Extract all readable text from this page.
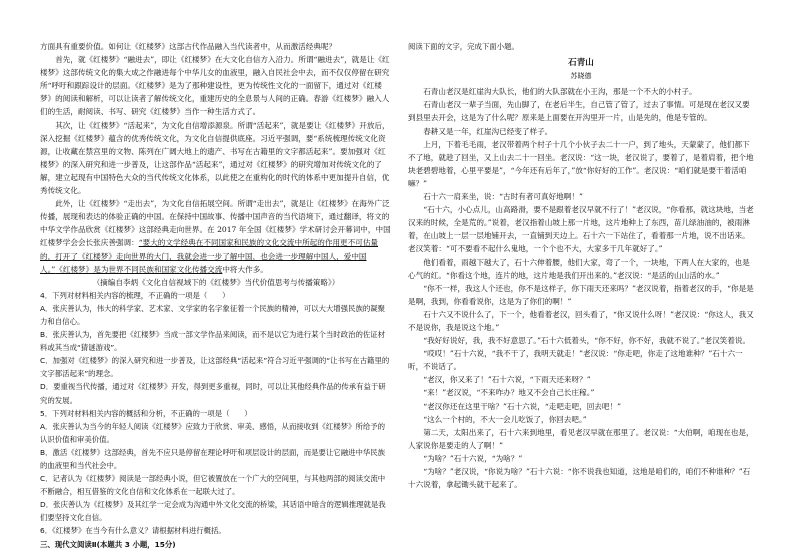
方面具有重要价值。如何让《红楼梦》这部古代作品融入当代读者中，从而激活经典呢？

首先，就《红楼梦》“融进去”，即让《红楼梦》在大文化自信方入沿力。所谓“融进去”，就是让《红楼梦》这部传统文化的集大成之作融进每个中华儿女的血液里，融入自民社会中去，而不仅仅停留在研究所“呼吁和跟踪设计的层面。《红楼梦》是为了那种建设性，更为传统性文化的一面留下，通过对《红楼梦》的阅读和解析，可以让读者了解传统文化，重建历史的全息景与人间的正确。春游《红楼梦》融入人们的生活，耐阅读、书写、研究《红楼梦》当作一种生活方式了。

其次，让《红楼梦》“活起来”，为文化自信增添源泉。所谓“活起来”，就是要让《红楼梦》开放后，深入挖掘《红楼梦》蕴含的优秀传统文化，为文化自信提供底座。习近平强调，要“系统梳理传统文化资源，让收藏在禁宫里的文物、陈列在广阔大地上的遗产、书写在古籍里的文字都活起来”。要加强对《红楼梦》的深入研究和进一步普及，让这部作品“活起来”，通过对《红楼梦》的研究增加对传统文化的了解，建立起现有中国特色大众的当代传统文化体系，以此使之在重构化的时代的体系中更加提升自信，优秀传统文化。

此外，让《红楼梦》“走出去”，为文化自信拓展空间。所谓“走出去”，就是让《红楼梦》在海外广泛传播，展现和表达的体验正确的中国。在保持中国故事、传播中国声音的当代语境下，通过翻译，将文的中华文学作品欣赏《红楼梦》这部经典走向世界。在 2017 年全国《红楼梦》学术研讨会开幕词中，中国红楼梦学会会长张庆善强调：“要大的文学经典在不同国家和民族的文化交流中所起的作用更不可估量的，打开了《红楼梦》走向世界的大门，我就会进一步了解中国，也会进一步理解中国人，爱中国人。”《红楼梦》是为世界不同民族和国家文化传播交流中将大作多。

（摘编自李炳《文化自信视域下的《红楼梦》当代价值思考与传播策略》）

4．下列对材料相关内容的梳理，不正确的一项是（　　）

A．张庆善认为，伟大的科学家、艺术家、文学家的名字象征着一个民族的精神，可以大大增强民族的凝聚力和自信心。

B．张庆善认为，首先要把《红楼梦》当成一部文学作品来阅读，而不是以它为进行某个当时政治的佐证材料或其当成“猜谜游戏”。

C．加强对《红楼梦》的深入研究和进一步普及，让这部经典“活起来”符合习近平强调的“让书写在古籍里的文字都活起来”的理念。

D．要重视当代传播，通过对《红楼梦》开发，得到更多重视，同时，可以让其他经典作品的传承有益于研究的发展。

5．下列对材料相关内容的概括和分析，不正确的一项是（　　）

A．张庆善认为当今的年轻人阅读《红楼梦》应致力于欣赏、审美、感悟，从而接收到《红楼梦》所给予的认识价值和审美价值。

B．激活《红楼梦》这部经典，首先不应只是停留在理论呼吁和项层设计的层面，而是要让它融进中华民族的血液里和当代社会中。

C．记者认为《红楼梦》阅读是一部经典小说，但它被置放在一个广大的空间里，与其他两部的阅读交流中不断融合，相互借鉴的文化自信和文化体系在一起联大过了。

D．张庆善认为《红楼梦》及其红学一定会成为沟通中外文化交流的桥梁，其话语中暗含的逻辑推理就是我们要坚持文化自信。

6．《红楼梦》在当今有什么意义？请根据材料进行概括。

三、现代文阅读Ⅱ(本题共 3 小题，15分)

阅读下面的文字，完成下面小题。

石青山

苏晓德

石青山老汉是红崖沟大队长，他们的大队部就在小王沟，那是一个不大的小村子。

石青山老汉一辈子当面，先山脚了，在老后半生，自己管了管了，过去了事情。可是现在老汉又要到县里去开会，这是为了什么呢？原来是上面要在开沟里开一片，山是先的，他是专管的。

春耕又是一年，红崖沟已经变了样子。

上月，下着毛毛雨，老汉带着两个村子十几个小伙子去二十一户，到了地头，天蒙蒙了，他们都下不了地，就趁了回坐，又上山去二十一回坐。老汉说：“这一块，老汉说了，要着了，是着肩着，把个地块老碧碧地着，心里平要是”，“今年还有后年了，”放“你好好的工作”。老汉说：“咱们就是要干着活咱嘛？”

石十六一肩来坐，说：“古时有者可真好地啊！”

“石十六，小心点儿，山高路滑，要不是跟着老汉早就不行了！”老汉说，“你看那，就这块地，当老汉来的时候，全是荒的。”说着，老汉指着山坡上那一片地，这片地种上了东西，苗儿绿油油的，被雨淋着，在山坡上一层一层地铺开去，一直铺到天边上。石十六一下站住了，看着那一片地，说不出话来。老汉笑着：“可不要看不起什么鬼地，一个个也不大，大家多干几年就好了。”

他们看着，雨越下越大了，石十六伸着腰，他们大家，弯了一个，一块地，下两人在大家的，也是心气的红。“你看这个地，连片的地，这片地是我们开出来的。”老汉说：“是活的山山活的水。”

“你不一样，我这人个还也，你不是这样子，你下雨天还来吗？”老汉说着，指着老汉的手，“你是是是啊，我到，你看看说你，这是为了你们的啊！”

石十六又不说什么了，下一个，他看着老汉，回头看了，“你又说什么呀！”老汉说：“你这人，我又不是说你，我是说这个地。”

“我好好说好，我，我不好意思了。”石十六低着头，“你不好，你不好，我就不说了。”老汉笑着说。

“哎哎！”石十六说，“我不干了，我明天就走！”老汉说：“你走吧，你走了这地谁种？”石十六一听，不说话了。

“老汉，你又来了！”石十六说，“下雨天还来呀？”

“来！”老汉说，“不来咋办？地又不会自己长庄稼。”

“老汉你还在这里干啥？”石十六说，“走吧走吧，回去吧！”

“这么一个村的，不大一会儿吃饭了，你回去吧。”

第二天，太阳出来了，石十六来到地里，看见老汉早就在那里了。老汉说：“大伯啊，咱现在也是，人家说你是要走的人了啊！”

“为啥？”石十六说，“为啥？”

“为啥？”老汉说，“你说为啥？”石十六说：“你不说我也知道，这地是咱们的，咱们不种谁种？”石十六说着，拿起锄头就干起来了。
